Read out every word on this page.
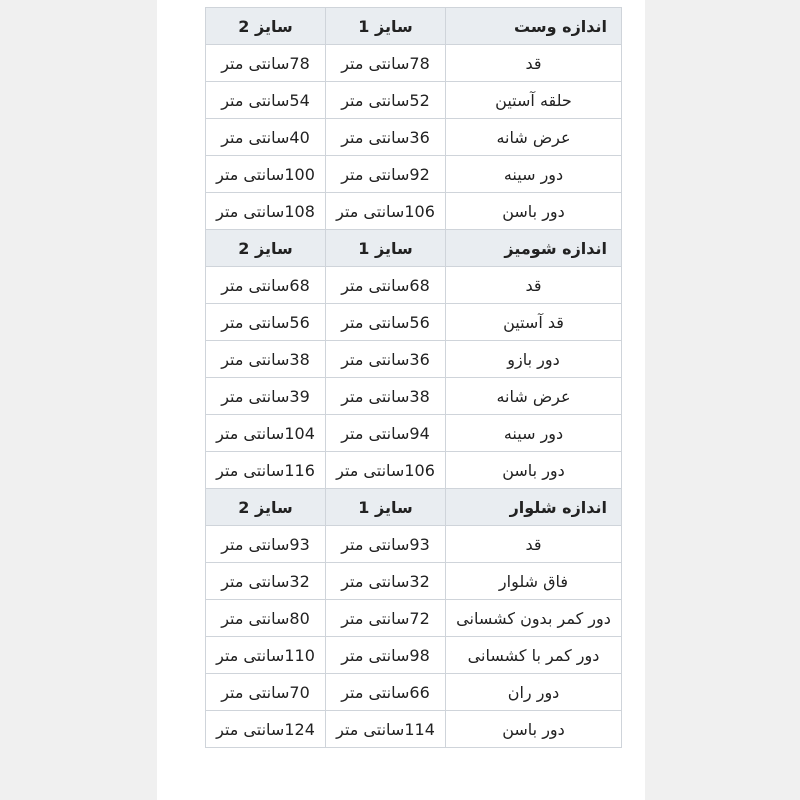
اندازه وست	سایز 1	سایز 2
قد	78سانتی متر	78سانتی متر
حلقه آستین	52سانتی متر	54سانتی متر
عرض شانه	36سانتی متر	40سانتی متر
دور سینه	92سانتی متر	100سانتی متر
دور باسن	106سانتی متر	108سانتی متر
اندازه شومیز	سایز 1	سایز 2
قد	68سانتی متر	68سانتی متر
قد آستین	56سانتی متر	56سانتی متر
دور بازو	36سانتی متر	38سانتی متر
عرض شانه	38سانتی متر	39سانتی متر
دور سینه	94سانتی متر	104سانتی متر
دور باسن	106سانتی متر	116سانتی متر
اندازه شلوار	سایز 1	سایز 2
قد	93سانتی متر	93سانتی متر
فاق شلوار	32سانتی متر	32سانتی متر
دور کمر بدون کشسانی	72سانتی متر	80سانتی متر
دور کمر با کشسانی	98سانتی متر	110سانتی متر
دور ران	66سانتی متر	70سانتی متر
دور باسن	114سانتی متر	124سانتی متر
